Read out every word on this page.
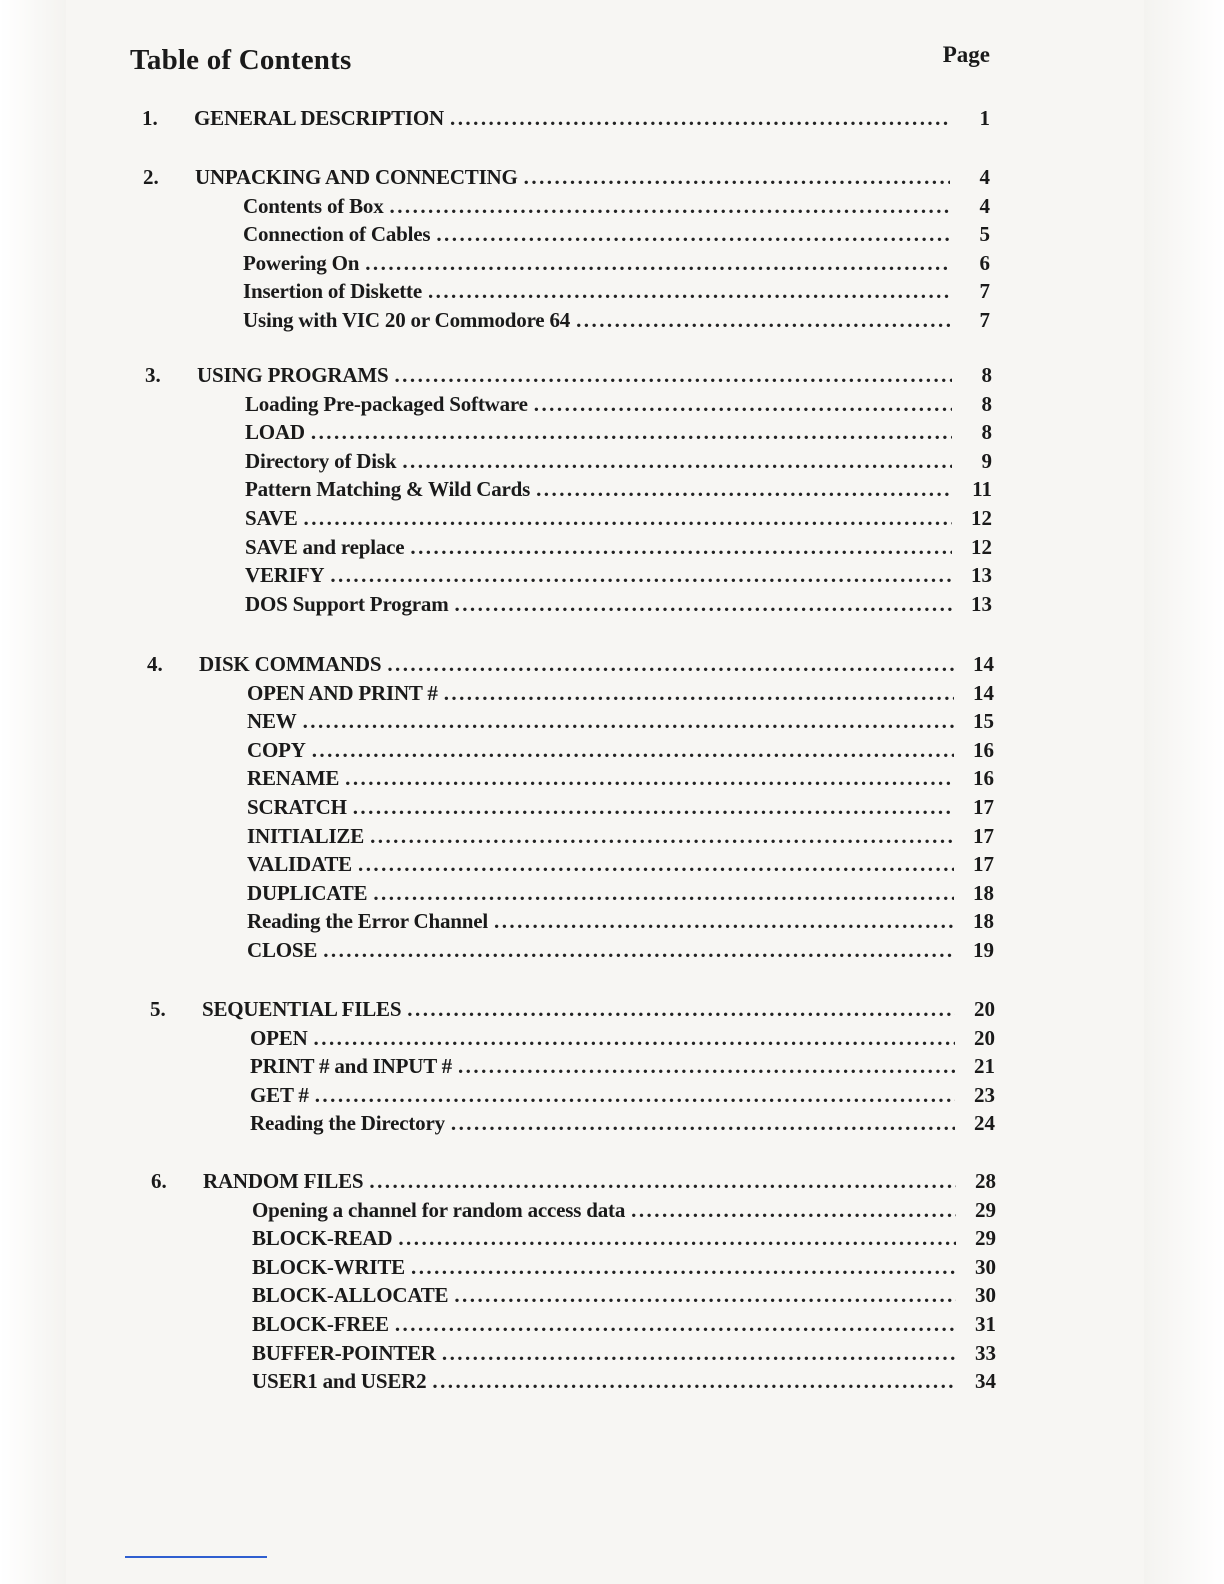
Table of Contents	Page
1.	GENERAL DESCRIPTION . . .	1
2.	UNPACKING AND CONNECTING . . .	4
Contents of Box . . .	4
Connection of Cables . . .	5
Powering On . . .	6
Insertion of Diskette . . .	7
Using with VIC 20 or Commodore 64 . . .	7
3.	USING PROGRAMS . . .	8
Loading Pre-packaged Software . . .	8
LOAD . . .	8
Directory of Disk . . .	9
Pattern Matching & Wild Cards . . .	11
SAVE . . .	12
SAVE and replace . . .	12
VERIFY . . .	13
DOS Support Program . . .	13
4.	DISK COMMANDS . . .	14
OPEN AND PRINT # . . .	14
NEW . . .	15
COPY . . .	16
RENAME . . .	16
SCRATCH . . .	17
INITIALIZE . . .	17
VALIDATE . . .	17
DUPLICATE . . .	18
Reading the Error Channel . . .	18
CLOSE . . .	19
5.	SEQUENTIAL FILES . . .	20
OPEN . . .	20
PRINT # and INPUT # . . .	21
GET # . . .	23
Reading the Directory . . .	24
6.	RANDOM FILES . . .	28
Opening a channel for random access data . . .	29
BLOCK-READ . . .	29
BLOCK-WRITE . . .	30
BLOCK-ALLOCATE . . .	30
BLOCK-FREE . . .	31
BUFFER-POINTER . . .	33
USER1 and USER2 . . .	34
